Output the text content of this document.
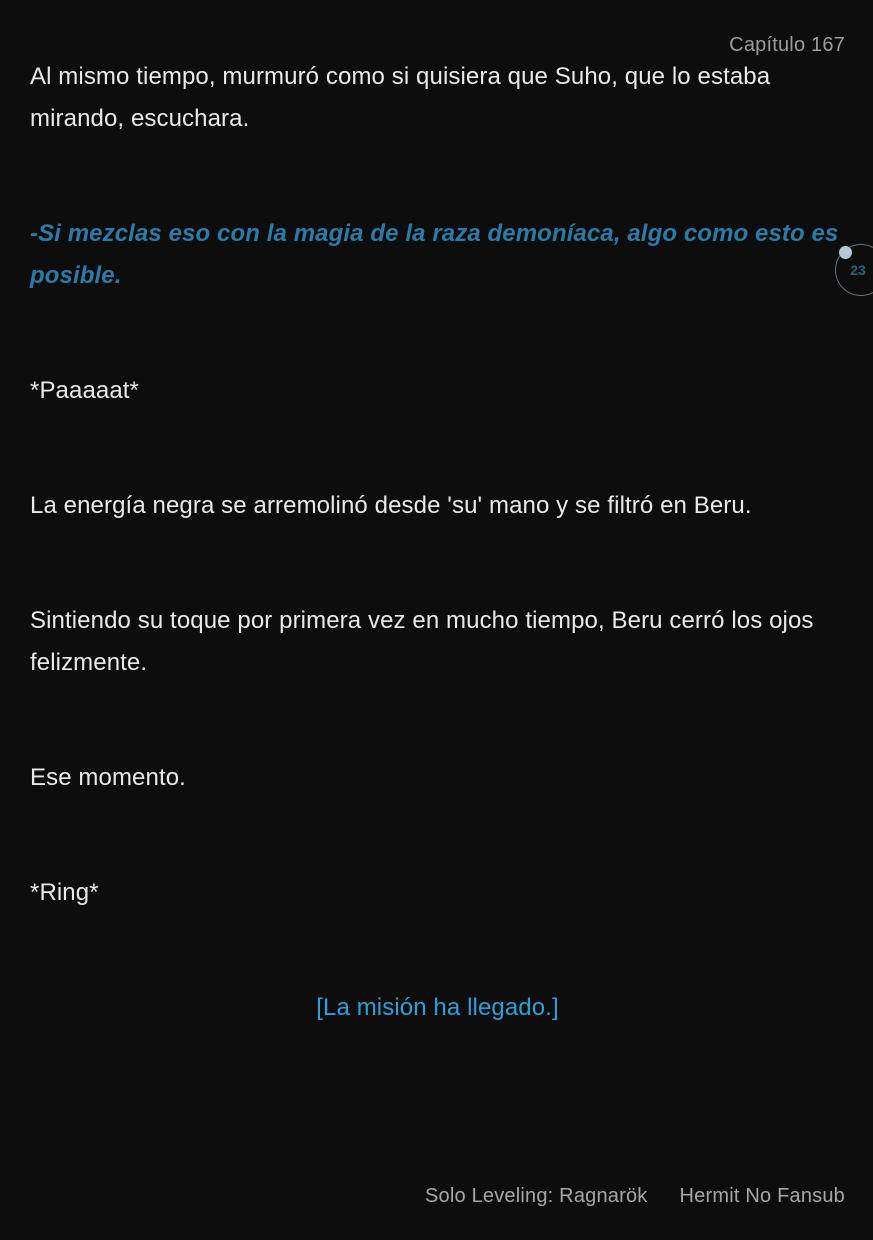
Capítulo 167

Al mismo tiempo, murmuró como si quisiera que Suho, que lo estaba mirando, escuchara.

-Si mezclas eso con la magia de la raza demoníaca, algo como esto es posible.

*Paaaaat*

La energía negra se arremolinó desde 'su' mano y se filtró en Beru.

Sintiendo su toque por primera vez en mucho tiempo, Beru cerró los ojos felizmente.

Ese momento.

*Ring*

[La misión ha llegado.]

23
Solo Leveling: Ragnarök Hermit No Fansub
